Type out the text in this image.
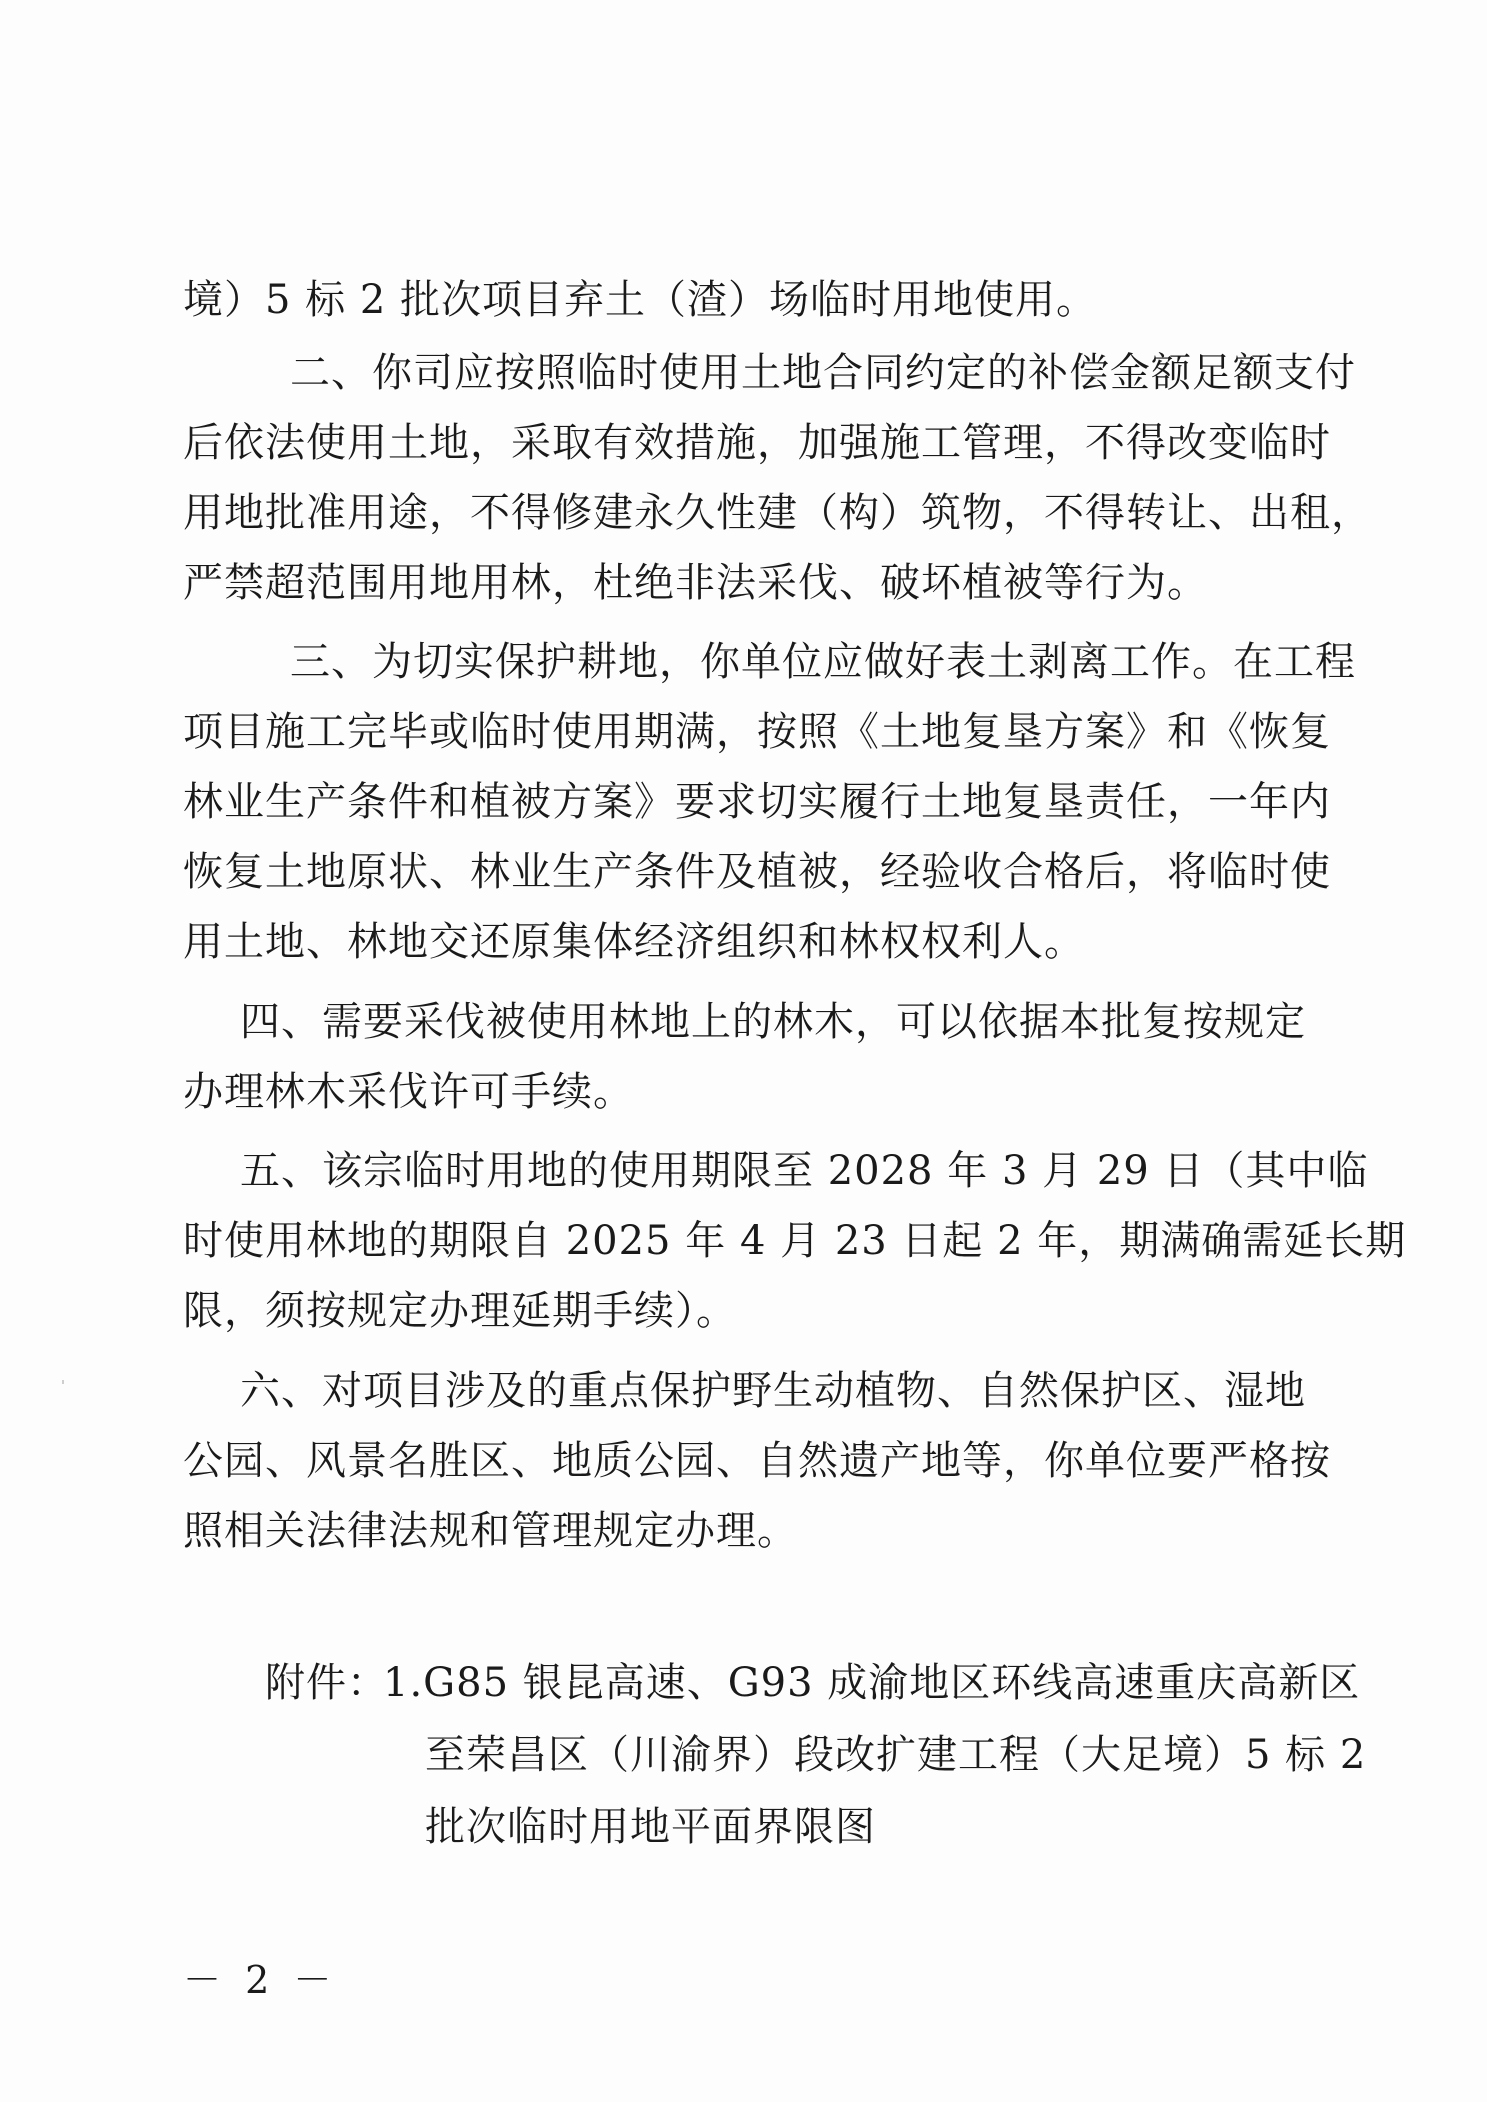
境）5 标 2 批次项目弃土（渣）场临时用地使用。
二、你司应按照临时使用土地合同约定的补偿金额足额支付
后依法使用土地，采取有效措施，加强施工管理，不得改变临时
用地批准用途，不得修建永久性建（构）筑物，不得转让、出租，
严禁超范围用地用林，杜绝非法采伐、破坏植被等行为。
三、为切实保护耕地，你单位应做好表土剥离工作。在工程
项目施工完毕或临时使用期满，按照《土地复垦方案》和《恢复
林业生产条件和植被方案》要求切实履行土地复垦责任，一年内
恢复土地原状、林业生产条件及植被，经验收合格后，将临时使
用土地、林地交还原集体经济组织和林权权利人。
四、需要采伐被使用林地上的林木，可以依据本批复按规定
办理林木采伐许可手续。
五、该宗临时用地的使用期限至 2028 年 3 月 29 日（其中临
时使用林地的期限自 2025 年 4 月 23 日起 2 年，期满确需延长期
限，须按规定办理延期手续）。
六、对项目涉及的重点保护野生动植物、自然保护区、湿地
公园、风景名胜区、地质公园、自然遗产地等，你单位要严格按
照相关法律法规和管理规定办理。
附件：
1.G85 银昆高速、G93 成渝地区环线高速重庆高新区
至荣昌区（川渝界）段改扩建工程（大足境）5 标 2
批次临时用地平面界限图
－ 2 －
